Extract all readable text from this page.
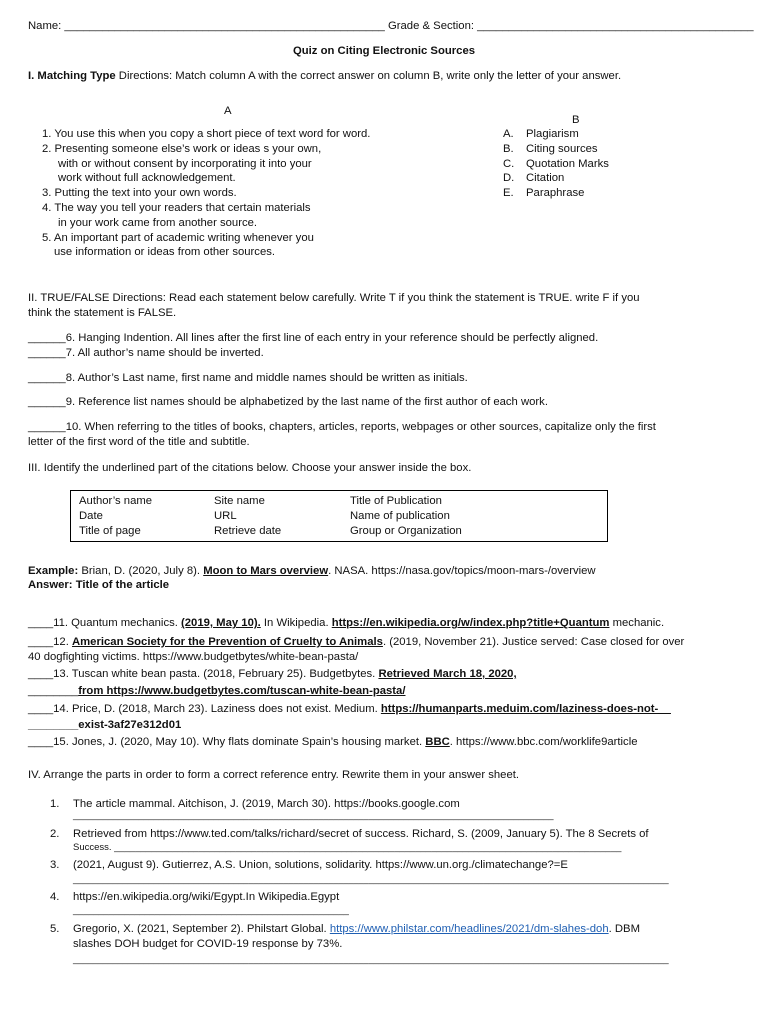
Name: ___________________________________________________ Grade & Section: ____________________________________________
Quiz on Citing Electronic Sources
I. Matching Type Directions: Match column A with the correct answer on column B, write only the letter of your answer.
A
B
1. You use this when you copy a short piece of text word for word.
2. Presenting someone else’s work or ideas s your own,
with or without consent by incorporating it into your
work without full acknowledgement.
3. Putting the text into your own words.
4. The way you tell your readers that certain materials
in your work came from another source.
5. An important part of academic writing whenever you
use information or ideas from other sources.
A. Plagiarism
B. Citing sources
C. Quotation Marks
D. Citation
E. Paraphrase
II. TRUE/FALSE Directions: Read each statement below carefully. Write T if you think the statement is TRUE. write F if you
think the statement is FALSE.
______6. Hanging Indention. All lines after the first line of each entry in your reference should be perfectly aligned.
______7. All author’s name should be inverted.
______8. Author’s Last name, first name and middle names should be written as initials.
______9. Reference list names should be alphabetized by the last name of the first author of each work.
______10. When referring to the titles of books, chapters, articles, reports, webpages or other sources, capitalize only the first
letter of the first word of the title and subtitle.
III. Identify the underlined part of the citations below. Choose your answer inside the box.
Author’s name
Date
Title of page
Site name
URL
Retrieve date
Title of Publication
Name of publication
Group or Organization
Example: Brian, D. (2020, July 8). Moon to Mars overview. NASA. https://nasa.gov/topics/moon-mars-/overview
Answer: Title of the article
____11. Quantum mechanics. (2019, May 10). In Wikipedia. https://en.wikipedia.org/w/index.php?title+Quantum mechanic.
____12. American Society for the Prevention of Cruelty to Animals. (2019, November 21). Justice served: Case closed for over
40 dogfighting victims. https://www.budgetbytes/white-bean-pasta/
____13. Tuscan white bean pasta. (2018, February 25). Budgetbytes. Retrieved March 18, 2020,
________from https://www.budgetbytes.com/tuscan-white-bean-pasta/
____14. Price, D. (2018, March 23). Laziness does not exist. Medium. https://humanparts.meduim.com/laziness-does-not-__
________exist-3af27e312d01
____15. Jones, J. (2020, May 10). Why flats dominate Spain’s housing market. BBC. https://www.bbc.com/worklife9article
IV. Arrange the parts in order to form a correct reference entry. Rewrite them in your answer sheet.
1. The article mammal. Aitchison, J. (2019, March 30). https://books.google.com
________________________________________________________________________________________________
2. Retrieved from https://www.ted.com/talks/richard/secret of success. Richard, S. (2009, January 5). The 8 Secrets of
Success. ________________________________________________________________________________________________
3. (2021, August 9). Gutierrez, A.S. Union, solutions, solidarity. https://www.un.org./climatechange?=E
_______________________________________________________________________________________________________________________
4. https://en.wikipedia.org/wiki/Egypt.In Wikipedia.Egypt
______________________________________________________
5. Gregorio, X. (2021, September 2). Philstart Global. https://www.philstar.com/headlines/2021/dm-slahes-doh. DBM
slashes DOH budget for COVID-19 response by 73%.
_______________________________________________________________________________________________________________________
